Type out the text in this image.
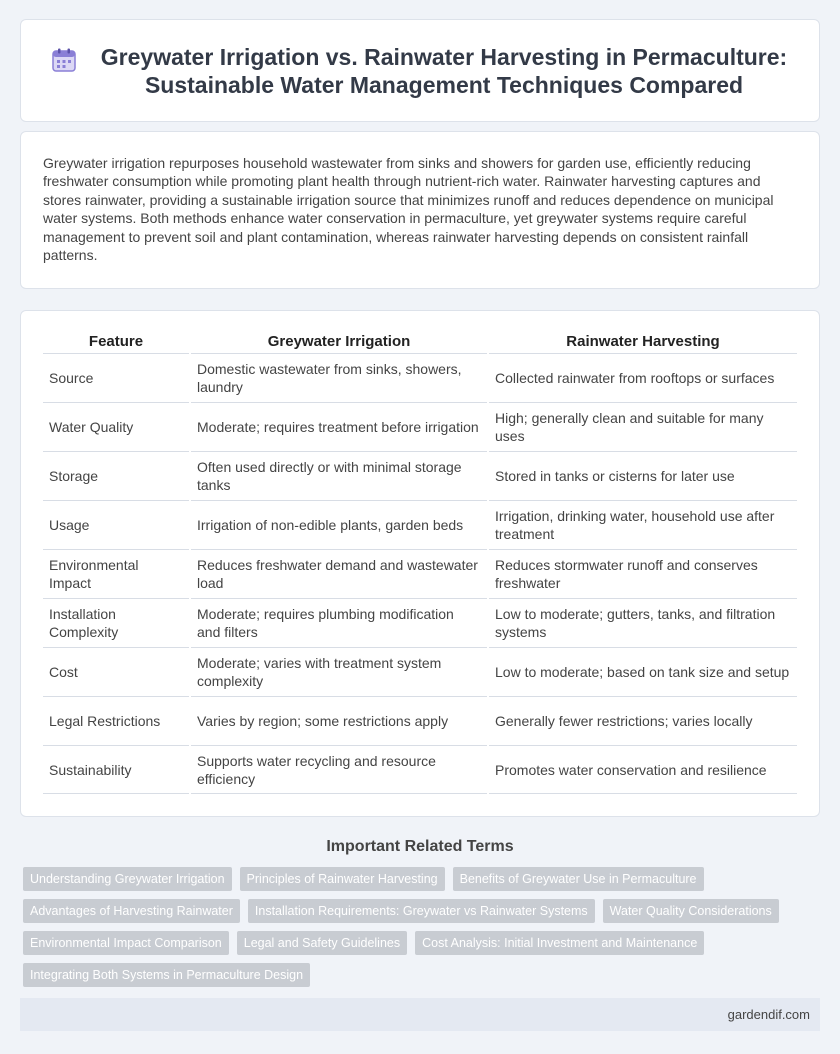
Greywater Irrigation vs. Rainwater Harvesting in Permaculture: Sustainable Water Management Techniques Compared

Greywater irrigation repurposes household wastewater from sinks and showers for garden use, efficiently reducing freshwater consumption while promoting plant health through nutrient-rich water. Rainwater harvesting captures and stores rainwater, providing a sustainable irrigation source that minimizes runoff and reduces dependence on municipal water systems. Both methods enhance water conservation in permaculture, yet greywater systems require careful management to prevent soil and plant contamination, whereas rainwater harvesting depends on consistent rainfall patterns.

Feature	Greywater Irrigation	Rainwater Harvesting
Source	Domestic wastewater from sinks, showers, laundry	Collected rainwater from rooftops or surfaces
Water Quality	Moderate; requires treatment before irrigation	High; generally clean and suitable for many uses
Storage	Often used directly or with minimal storage tanks	Stored in tanks or cisterns for later use
Usage	Irrigation of non-edible plants, garden beds	Irrigation, drinking water, household use after treatment
Environmental Impact	Reduces freshwater demand and wastewater load	Reduces stormwater runoff and conserves freshwater
Installation Complexity	Moderate; requires plumbing modification and filters	Low to moderate; gutters, tanks, and filtration systems
Cost	Moderate; varies with treatment system complexity	Low to moderate; based on tank size and setup
Legal Restrictions	Varies by region; some restrictions apply	Generally fewer restrictions; varies locally
Sustainability	Supports water recycling and resource efficiency	Promotes water conservation and resilience
Important Related Terms
Understanding Greywater Irrigation	Principles of Rainwater Harvesting	Benefits of Greywater Use in Permaculture
Advantages of Harvesting Rainwater	Installation Requirements: Greywater vs Rainwater Systems	Water Quality Considerations
Environmental Impact Comparison	Legal and Safety Guidelines	Cost Analysis: Initial Investment and Maintenance
Integrating Both Systems in Permaculture Design
gardendif.com
